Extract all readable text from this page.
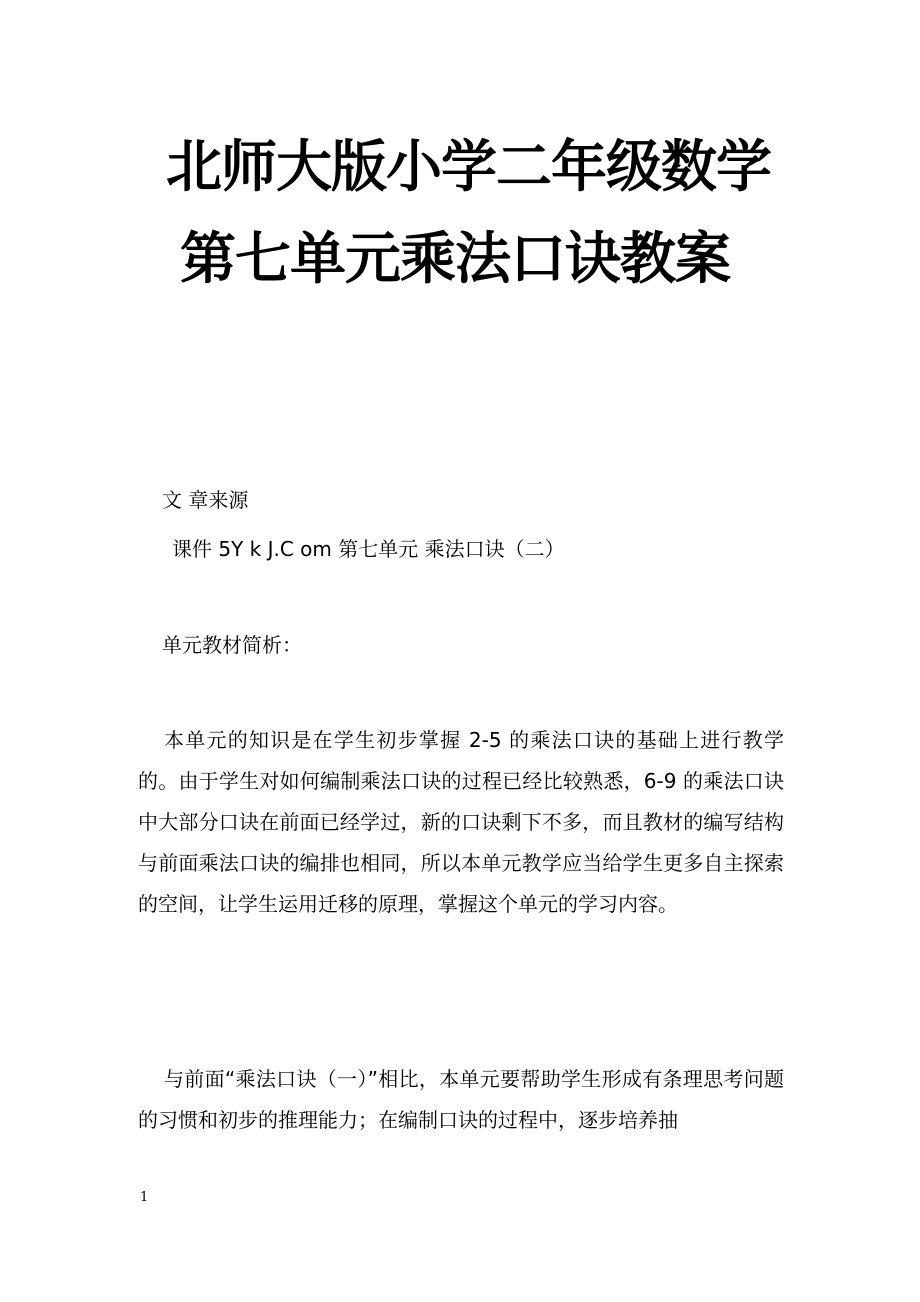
北师大版小学二年级数学
第七单元乘法口诀教案
文 章来源
课件 5Y k J.C om 第七单元 乘法口诀（二）
单元教材简析：
本单元的知识是在学生初步掌握 2-5 的乘法口诀的基础上进行教学的。由于学生对如何编制乘法口诀的过程已经比较熟悉，6-9 的乘法口诀中大部分口诀在前面已经学过，新的口诀剩下不多，而且教材的编写结构与前面乘法口诀的编排也相同，所以本单元教学应当给学生更多自主探索的空间，让学生运用迁移的原理，掌握这个单元的学习内容。
与前面“乘法口诀（一）”相比，本单元要帮助学生形成有条理思考问题的习惯和初步的推理能力；在编制口诀的过程中，逐步培养抽
1
